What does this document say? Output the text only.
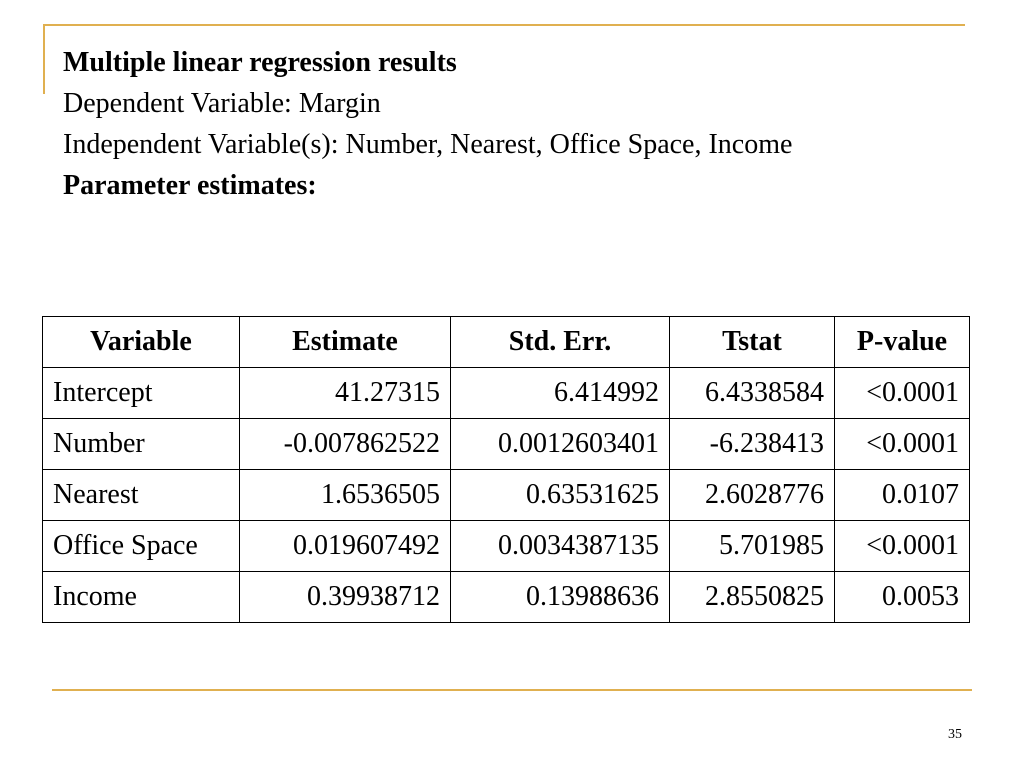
Multiple linear regression results
Dependent Variable: Margin
Independent Variable(s): Number, Nearest, Office Space, Income
Parameter estimates:
Variable	Estimate	Std. Err.	Tstat	P-value
Intercept	41.27315	6.414992	6.4338584	<0.0001
Number	-0.007862522	0.0012603401	-6.238413	<0.0001
Nearest	1.6536505	0.63531625	2.6028776	0.0107
Office Space	0.019607492	0.0034387135	5.701985	<0.0001
Income	0.39938712	0.13988636	2.8550825	0.0053
35
